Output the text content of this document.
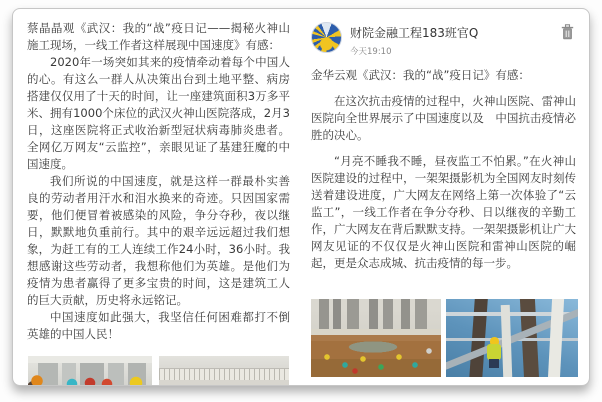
蔡晶晶观《武汉：我的“战”疫日记——揭秘火神山施工现场，一线工作者这样展现中国速度》有感：

2020年一场突如其来的疫情牵动着每个中国人的心。有这么一群人从决策出台到土地平整、病房搭建仅仅用了十天的时间，让一座建筑面积3万多平米、拥有1000个床位的武汉火神山医院落成，2月3日，这座医院将正式收治新型冠状病毒肺炎患者。全网亿万网友“云监控”，亲眼见证了基建狂魔的中国速度。

我们所说的中国速度，就是这样一群最朴实善良的劳动者用汗水和泪水换来的奇迹。只因国家需要，他们便冒着被感染的风险，争分夺秒，夜以继日，默默地负重前行。其中的艰辛远远超过我们想象，为赶工有的工人连续工作24小时，36小时。我想感谢这些劳动者，我想称他们为英雄。是他们为疫情为患者赢得了更多宝贵的时间，这是建筑工人的巨大贡献，历史将永远铭记。

中国速度如此强大，我坚信任何困难都打不倒英雄的中国人民！

财院金融工程183班官Q
今天19:10

金华云观《武汉：我的“战”疫日记》有感：

在这次抗击疫情的过程中，火神山医院、雷神山医院向全世界展示了中国速度以及　中国抗击疫情必胜的决心。

“月亮不睡我不睡，昼夜监工不怕累。”在火神山医院建设的过程中，一架架摄影机为全国网友时刻传送着建设进度，广大网友在网络上第一次体验了“云监工”，一线工作者在争分夺秒、日以继夜的辛勤工作，广大网友在背后默默支持。一架架摄影机让广大网友见证的不仅仅是火神山医院和雷神山医院的崛起，更是众志成城、抗击疫情的每一步。
